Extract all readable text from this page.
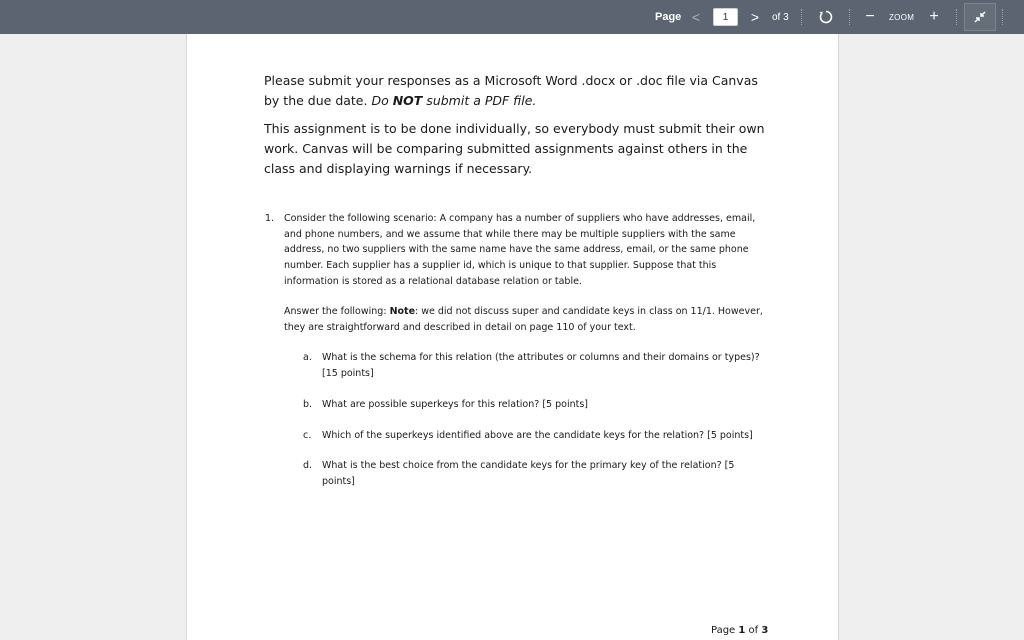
Page <
1	> of 3	−	ZOOM +

Please submit your responses as a Microsoft Word .docx or .doc file via Canvas by the due date. Do NOT submit a PDF file.

This assignment is to be done individually, so everybody must submit their own work. Canvas will be comparing submitted assignments against others in the class and displaying warnings if necessary.

1. Consider the following scenario: A company has a number of suppliers who have addresses, email, and phone numbers, and we assume that while there may be multiple suppliers with the same address, no two suppliers with the same name have the same address, email, or the same phone number. Each supplier has a supplier id, which is unique to that supplier. Suppose that this information is stored as a relational database relation or table.

Answer the following: Note: we did not discuss super and candidate keys in class on 11/1. However, they are straightforward and described in detail on page 110 of your text.

a. What is the schema for this relation (the attributes or columns and their domains or types)? [15 points]

b. What are possible superkeys for this relation? [5 points]

c. Which of the superkeys identified above are the candidate keys for the relation? [5 points]

d. What is the best choice from the candidate keys for the primary key of the relation? [5 points]

Page 1 of 3
